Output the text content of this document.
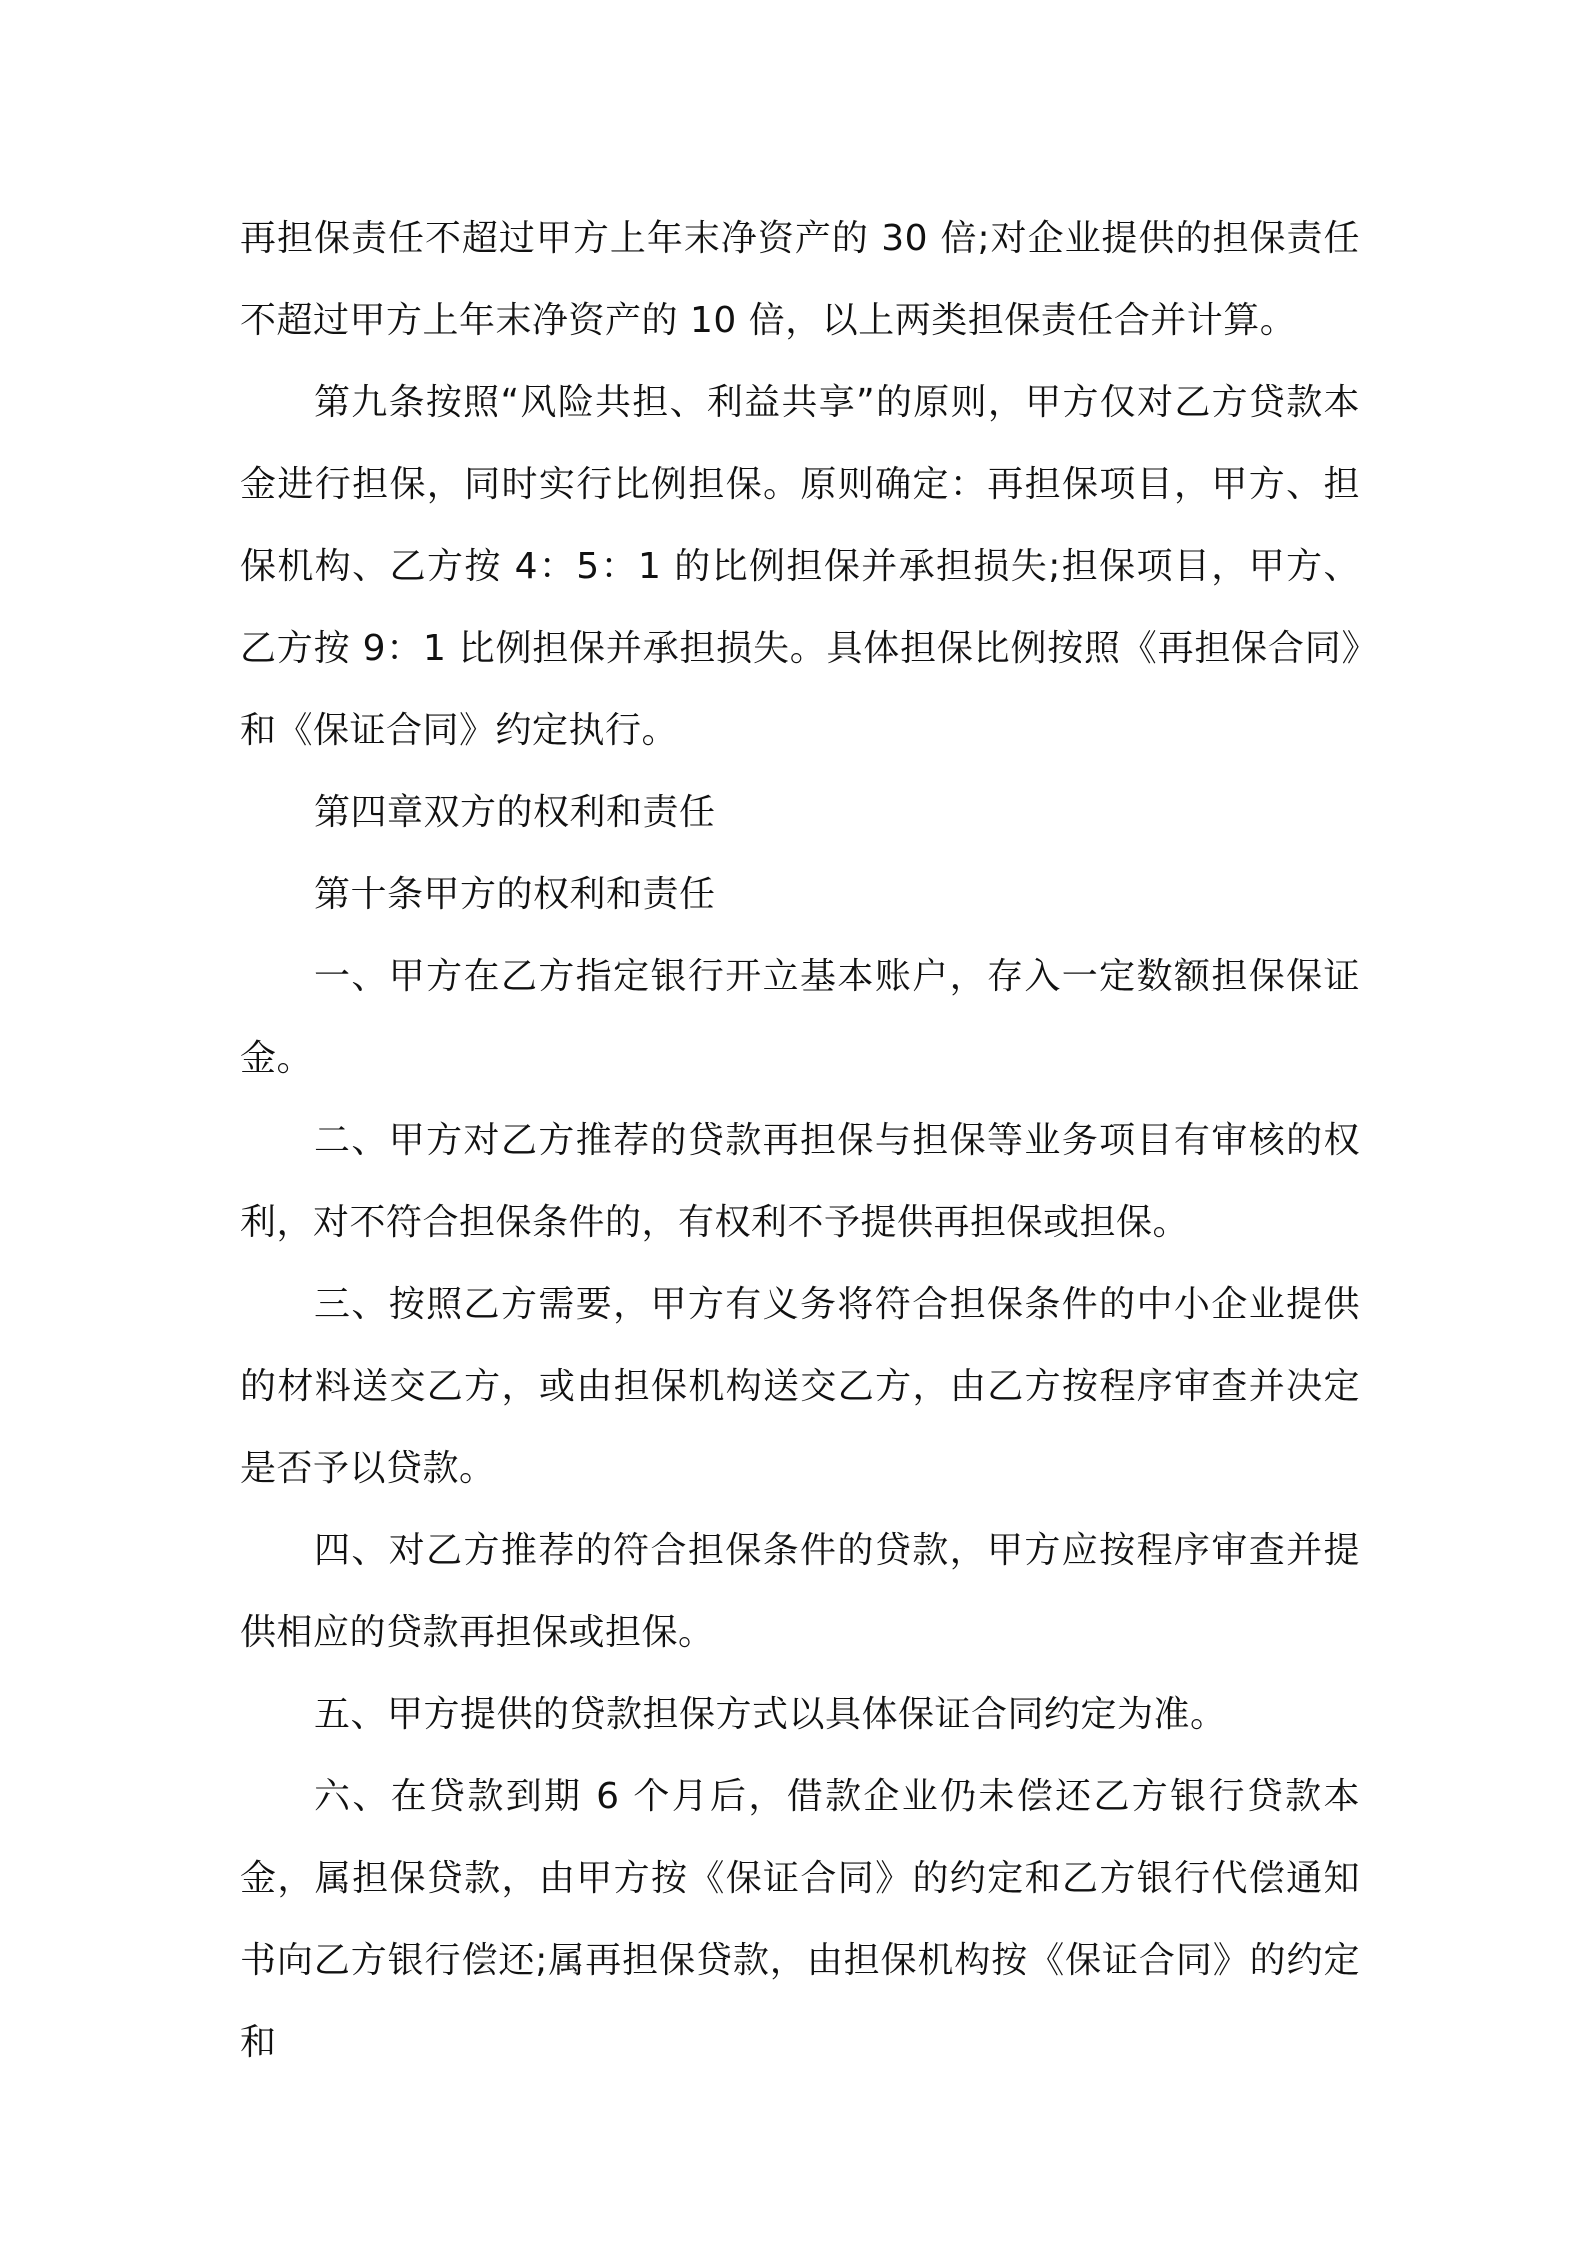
再担保责任不超过甲方上年末净资产的 30 倍;对企业提供的担保责任不超过甲方上年末净资产的 10 倍，以上两类担保责任合并计算。

第九条按照“风险共担、利益共享”的原则，甲方仅对乙方贷款本金进行担保，同时实行比例担保。原则确定：再担保项目，甲方、担保机构、乙方按 4：5：1 的比例担保并承担损失;担保项目，甲方、乙方按 9：1 比例担保并承担损失。具体担保比例按照《再担保合同》和《保证合同》约定执行。

第四章双方的权利和责任

第十条甲方的权利和责任

一、甲方在乙方指定银行开立基本账户，存入一定数额担保保证金。

二、甲方对乙方推荐的贷款再担保与担保等业务项目有审核的权利，对不符合担保条件的，有权利不予提供再担保或担保。

三、按照乙方需要，甲方有义务将符合担保条件的中小企业提供的材料送交乙方，或由担保机构送交乙方，由乙方按程序审查并决定是否予以贷款。

四、对乙方推荐的符合担保条件的贷款，甲方应按程序审查并提供相应的贷款再担保或担保。

五、甲方提供的贷款担保方式以具体保证合同约定为准。

六、在贷款到期 6 个月后，借款企业仍未偿还乙方银行贷款本金，属担保贷款，由甲方按《保证合同》的约定和乙方银行代偿通知书向乙方银行偿还;属再担保贷款，由担保机构按《保证合同》的约定和
